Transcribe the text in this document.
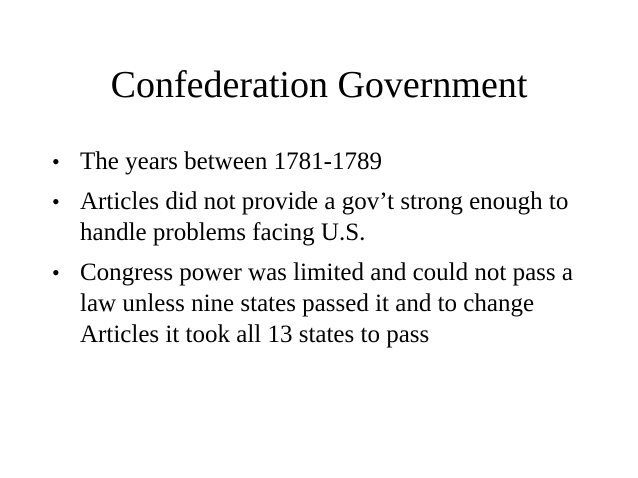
Confederation Government
• The years between 1781-1789
• Articles did not provide a gov’t strong enough to handle problems facing U.S.
• Congress power was limited and could not pass a law unless nine states passed it and to change Articles it took all 13 states to pass
